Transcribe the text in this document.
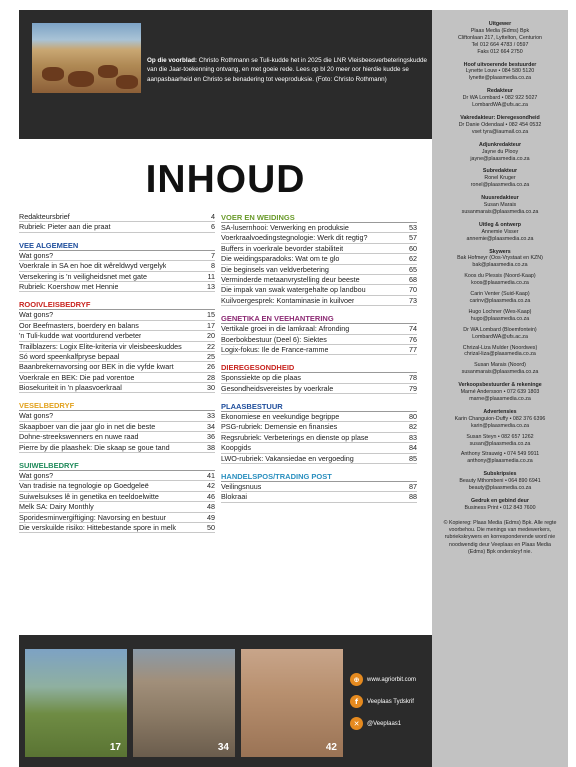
Op die voorblad: Christo Rothmann se Tuli-kudde het in 2025 die LNR Vleisbeesverbeteringskudde van die Jaar-toekenning ontvang, en met goeie rede. Lees op bl 20 meer oor hierdie kudde se aanpasbaarheid en Christo se benadering tot veeproduksie. (Foto: Christo Rothmann)
INHOUD
Redakteursbrief	4
Rubriek: Pieter aan die praat	6
VEE ALGEMEEN
Wat gons?	7
Voerkrale in SA en hoe dit wêreldwyd vergelyk	8
Versekering is 'n veiligheidsnet met gate	11
Rubriek: Koershow met Hennie	13
ROOIVLEISBEDRYF
Wat gons?	15
Oor Beefmasters, boerdery en balans	17
'n Tuli-kudde wat voortdurend verbeter	20
Trailblazers: Logix Elite-kriteria vir vleisbeeskuddes	22
Só word speenkalfpryse bepaal	25
Baanbrekernavorsing oor BEK in die vyfde kwart	26
Voerkrale en BEK: Die pad vorentoe	28
Biosekuriteit in 'n plaasvoerkraal	30
VESELBEDRYF
Wat gons?	33
Skaapboer van die jaar glo in net die beste	34
Dohne-streekswenners en nuwe raad	36
Pierre by die plaashek: Die skaap se goue tand	38
SUIWELBEDRYF
Wat gons?	41
Van tradisie na tegnologie op Goedgeleë	42
Suiwelsukses lê in genetika en teeldoelwitte	46
Melk SA: Dairy Monthly	48
Sporidesminvergiftiging: Navorsing en bestuur	49
Die verskuilde risiko: Hittebestande spore in melk	50
VOER EN WEIDINGS
SA-lusernhooi: Verwerking en produksie	53
Voerkraalvoedingstegnologie: Werk dit regtig?	57
Buffers in voerkrale bevorder stabiliteit	60
Die weidingsparadoks: Wat om te glo	62
Die beginsels van veldverbetering	65
Verminderde metaanvrystelling deur beeste	68
Die impak van swak watergehalte op landbou	70
Kuilvoergesprek: Kontaminasie in kuilvoer	73
GENETIKA EN VEEHANTERING
Vertikale groei in die lamkraal: Afronding	74
Boerbokbestuur (Deel 6): Siektes	76
Logix-fokus: Ile de France-ramme	77
DIEREGESONDHEID
Sponssiekte op die plaas	78
Gesondheidsvereistes by voerkrale	79
PLAASBESTUUR
Ekonomiese en veekundige begrippe	80
PSG-rubriek: Demensie en finansies	82
Regsrubriek: Verbeterings en dienste op plase	83
Koopgids	84
LWO-rubriek: Vakansiedae en vergoeding	85
HANDELSPOS/TRADING POST
Veilingsnuus	87
Blokraai	88
Uitgewer
Plaas Media (Edms) Bpk
Cliftonlaan 217, Lyttelton, Centurion
Tel 012 664 4783 / 0597
Faks 012 664 2750
Hoof uitvoerende bestuurder
Lynette Louw • 084 580 5120
lynette@plaasmedia.co.za
Redakteur
Dr WA Lombard • 082 922 5027
LombardWA@ufs.ac.za
Vakredakteur: Dieregesondheid
Dr Danie Odendaal • 082 454 0532
vset tyra@iaumail.co.za
Adjunkredakteur
Jayne du Plooy
jayne@plaasmedia.co.za
Subredakteur
Ronel Kruger
ronel@plaasmedia.co.za
Nuusredakteur
Susan Marais
susanmarais@plaasmedia.co.za
Uitleg & ontwerp
Annemie Visser
annemie@plaasmedia.co.za
Skywers
Bak Hofmeyr (Oos-Vrystaat en KZN)
bak@plaasmedia.co.za
Koos du Plessis (Noord-Kaap)
koos@plaasmedia.co.za
Carin Venter (Suid-Kaap)
carinv@plaasmedia.co.za
Hugo Lochner (Wes-Kaap)
hugo@plaasmedia.co.za
Dr WA Lombard (Bloemfontein)
LombardWA@ufs.ac.za
Chrizal-Liza Mulder (Noordwes)
chrizal-liza@plaasmedia.co.za
Susan Marais (Noord)
susanmarais@plaasmedia.co.za
Verkoopsbestuurder & rekeninge
Marné Andersson • 072 639 1803
marne@plaasmedia.co.za
Advertensies
Karin Changuion-Duffy • 082 376 6396
karin@plaasmedia.co.za
Susan Steyn • 082 657 1262
susan@plaasmedia.co.za
Anthony Strauwig • 074 549 9911
anthony@plaasmedia.co.za
Subskripsies
Beauty Mthombeni • 064 890 6941
beauty@plaasmedia.co.za
Gedruk en gebind deur
Business Print • 012 843 7600
© Kopiereg: Plaas Media (Edms) Bpk. Alle regte voorbehou. Die menings van medewerkers, rubriekskrywers en korresponderende word nie noodwendig deur Veeplaas en Plaas Media (Edms) Bpk onderskryf nie.
17	34	42
⊕	www.agriorbit.com
f	Veeplaas Tydskrif
✕	@Veeplaas1
